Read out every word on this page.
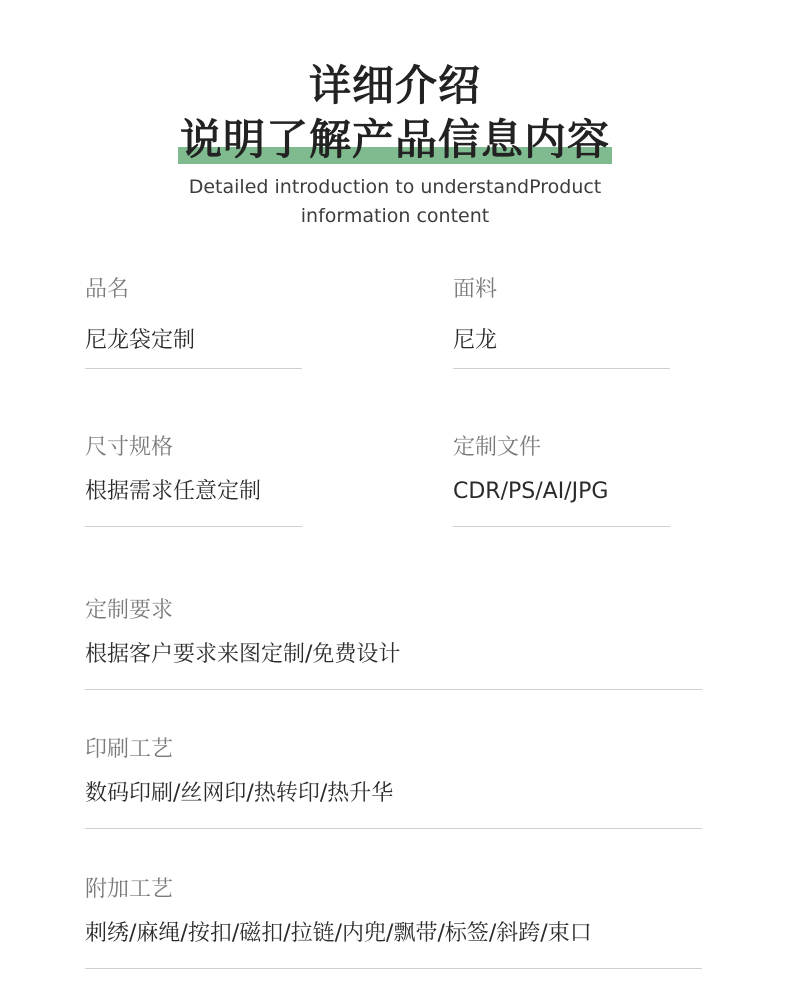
详细介绍
说明了解产品信息内容
Detailed introduction to understandProduct
information content
品名
尼龙袋定制
面料
尼龙
尺寸规格
根据需求任意定制
定制文件
CDR/PS/AI/JPG
定制要求
根据客户要求来图定制/免费设计
印刷工艺
数码印刷/丝网印/热转印/热升华
附加工艺
刺绣/麻绳/按扣/磁扣/拉链/内兜/飘带/标签/斜跨/束口
